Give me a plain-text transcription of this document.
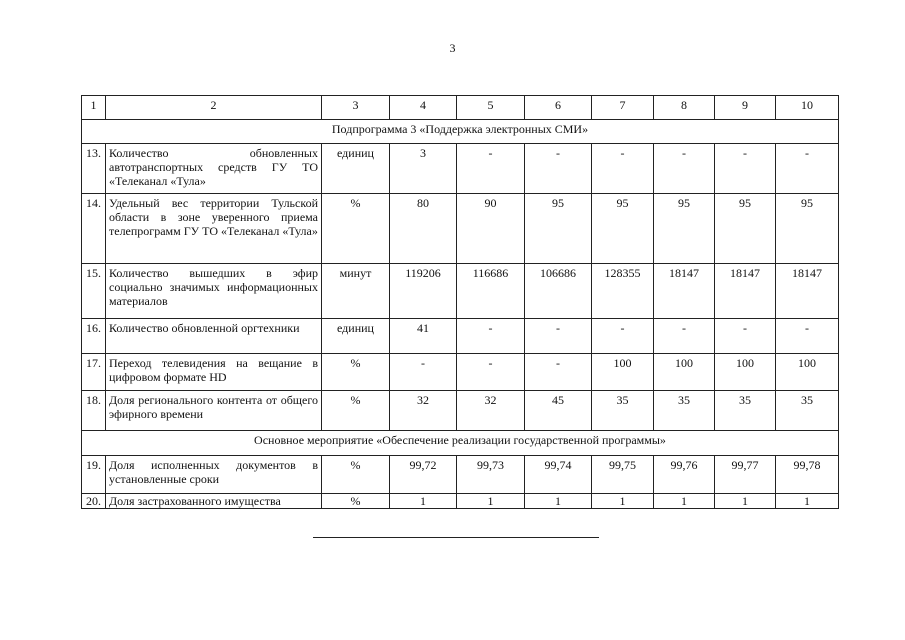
3
1	2	3	4	5	6	7	8	9	10
Подпрограмма 3 «Поддержка электронных СМИ»									
13.	Количество обновленных автотранспортных средств ГУ ТО «Телеканал «Тула»	единиц	3	-	-	-	-	-	-
14.	Удельный вес территории Тульской области в зоне уверенного приема телепрограмм ГУ ТО «Телеканал «Тула»	%	80	90	95	95	95	95	95
15.	Количество вышедших в эфир социально значимых информационных материалов	минут	119206	116686	106686	128355	18147	18147	18147
16.	Количество обновленной оргтехники	единиц	41	-	-	-	-	-	-
17.	Переход телевидения на вещание в цифровом формате HD	%	-	-	-	100	100	100	100
18.	Доля регионального контента от общего эфирного времени	%	32	32	45	35	35	35	35
Основное мероприятие «Обеспечение реализации государственной программы»									
19.	Доля исполненных документов в установленные сроки	%	99,72	99,73	99,74	99,75	99,76	99,77	99,78
20.	Доля застрахованного имущества	%	1	1	1	1	1	1	1
